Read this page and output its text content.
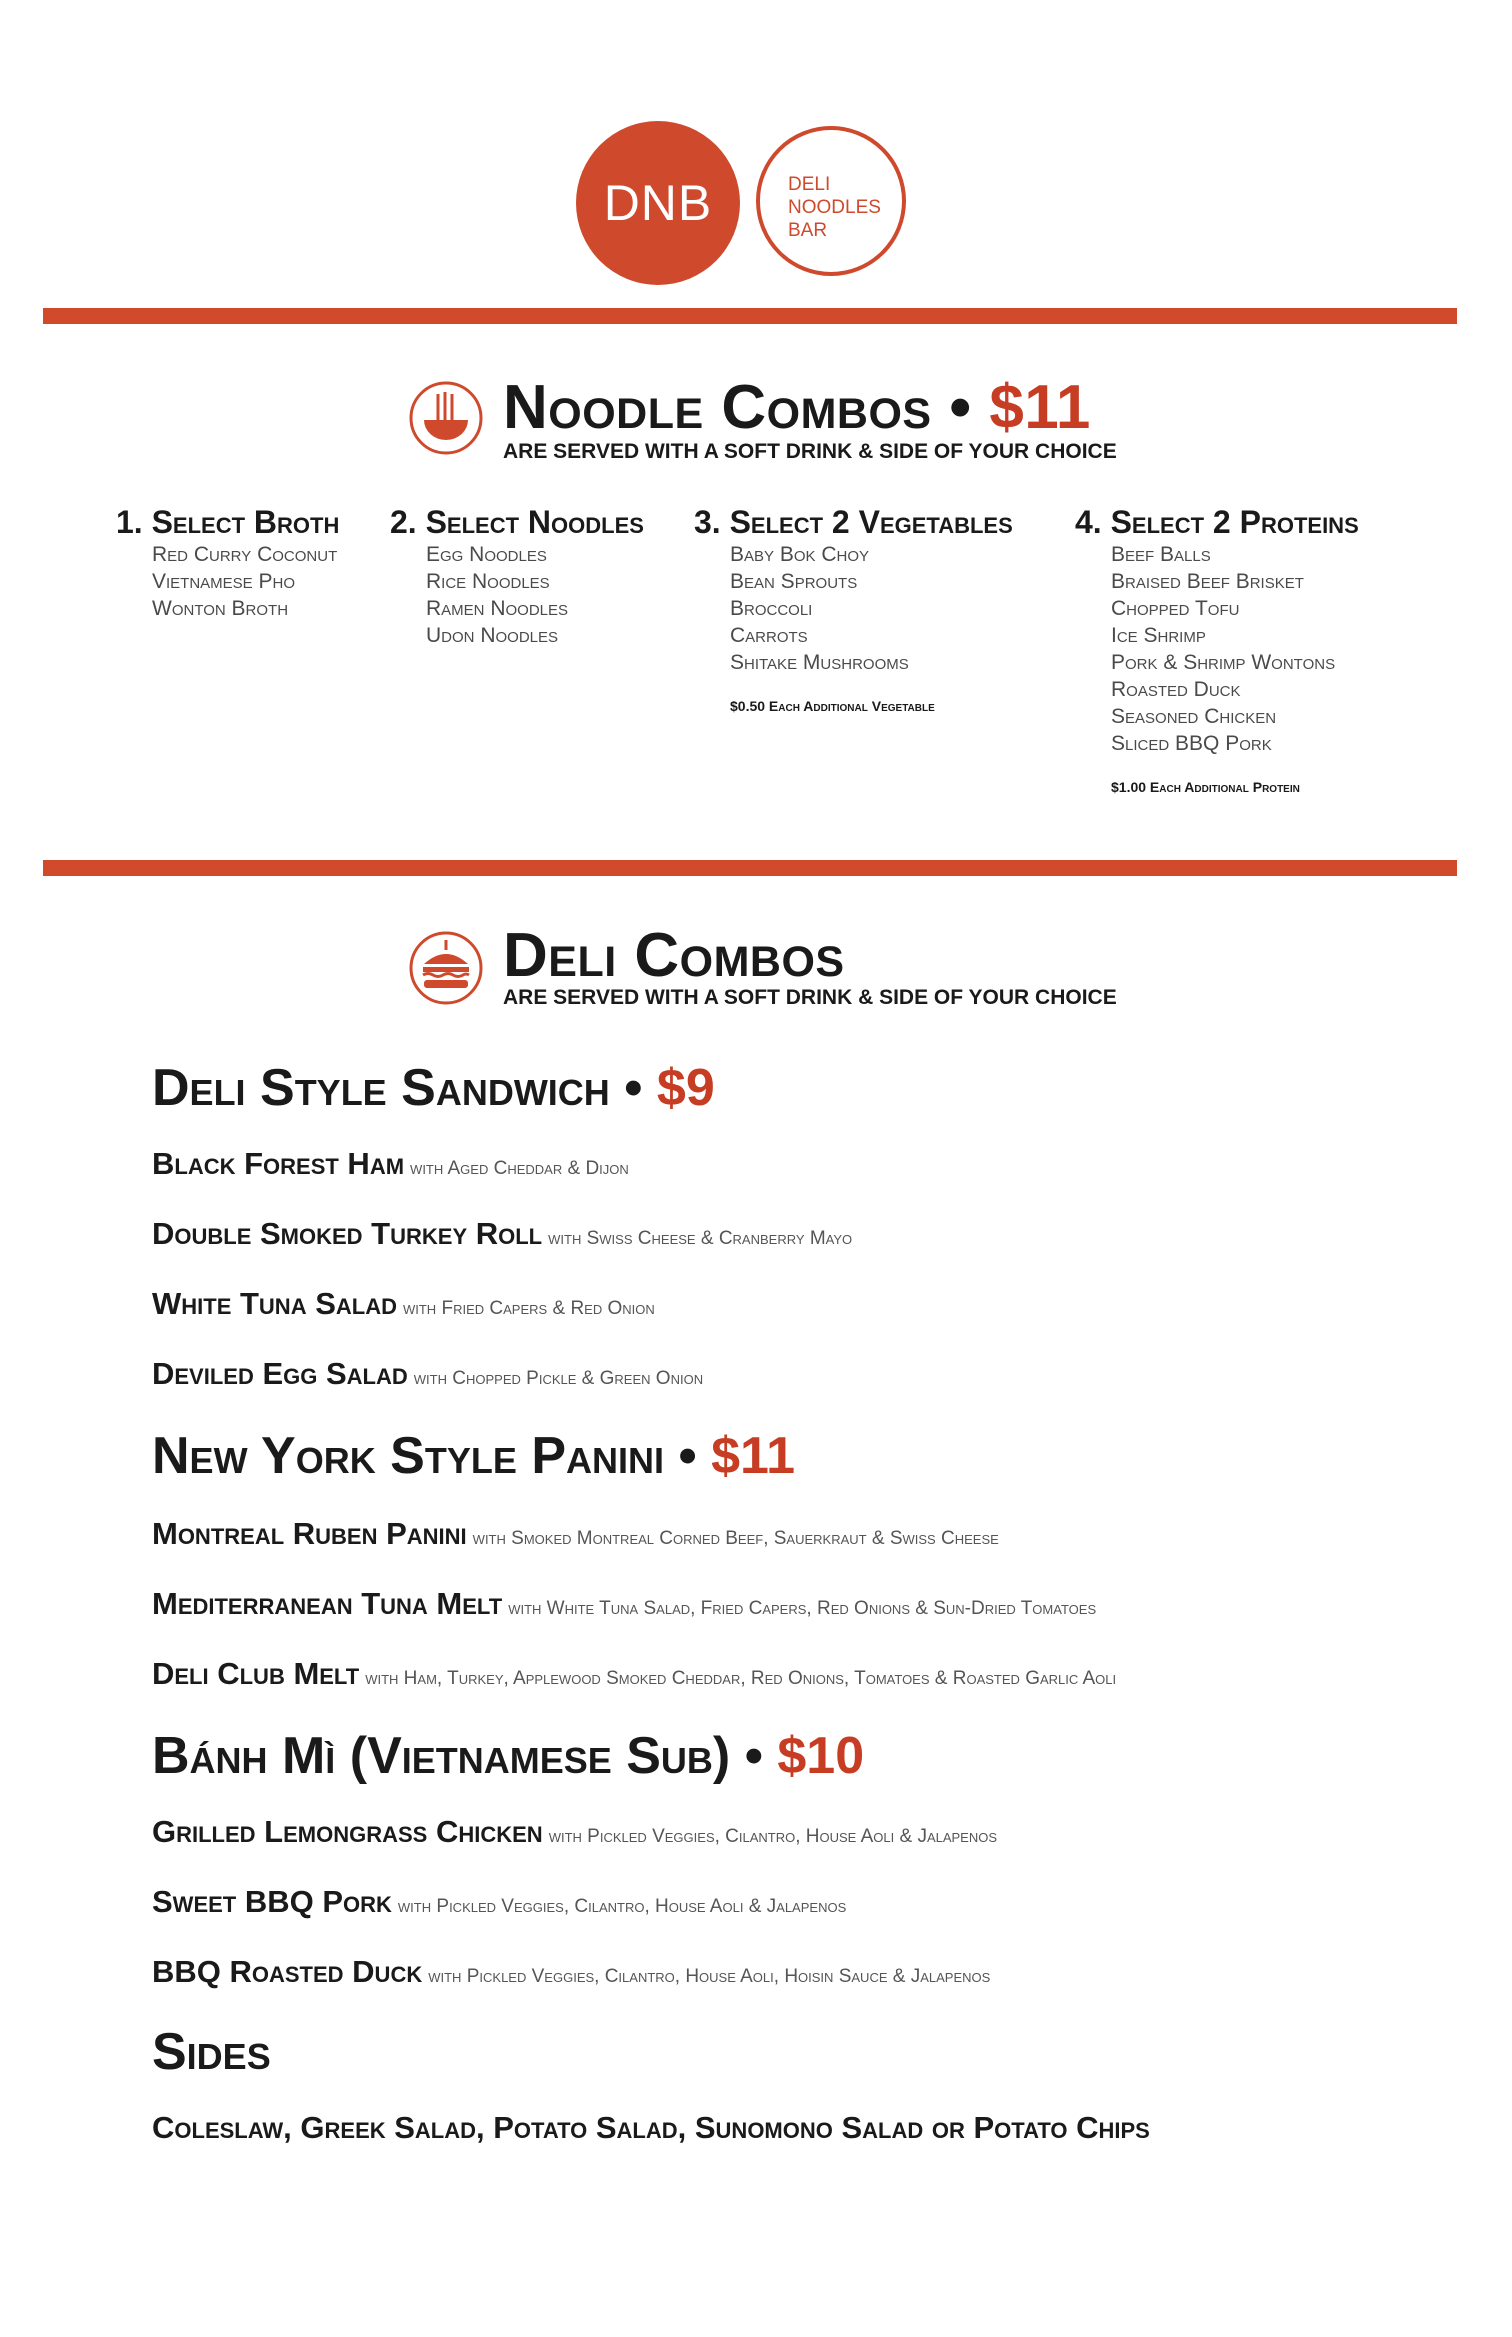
DNB	DELI
NOODLES
BAR
Noodle Combos • $11
ARE SERVED WITH A SOFT DRINK & SIDE OF YOUR CHOICE
1. Select Broth
Red Curry Coconut
Vietnamese Pho
Wonton Broth
2. Select Noodles
Egg Noodles
Rice Noodles
Ramen Noodles
Udon Noodles
3. Select 2 Vegetables
Baby Bok Choy
Bean Sprouts
Broccoli
Carrots
Shitake Mushrooms
$0.50 Each Additional Vegetable
4. Select 2 Proteins
Beef Balls
Braised Beef Brisket
Chopped Tofu
Ice Shrimp
Pork & Shrimp Wontons
Roasted Duck
Seasoned Chicken
Sliced BBQ Pork
$1.00 Each Additional Protein
Deli Combos
ARE SERVED WITH A SOFT DRINK & SIDE OF YOUR CHOICE
Deli Style Sandwich • $9
Black Forest Ham with Aged Cheddar & Dijon
Double Smoked Turkey Roll with Swiss Cheese & Cranberry Mayo
White Tuna Salad with Fried Capers & Red Onion
Deviled Egg Salad with Chopped Pickle & Green Onion
New York Style Panini • $11
Montreal Ruben Panini with Smoked Montreal Corned Beef, Sauerkraut & Swiss Cheese
Mediterranean Tuna Melt with White Tuna Salad, Fried Capers, Red Onions & Sun-Dried Tomatoes
Deli Club Melt with Ham, Turkey, Applewood Smoked Cheddar, Red Onions, Tomatoes & Roasted Garlic Aoli
Bánh Mì (Vietnamese Sub) • $10
Grilled Lemongrass Chicken with Pickled Veggies, Cilantro, House Aoli & Jalapenos
Sweet BBQ Pork with Pickled Veggies, Cilantro, House Aoli & Jalapenos
BBQ Roasted Duck with Pickled Veggies, Cilantro, House Aoli, Hoisin Sauce & Jalapenos
Sides
Coleslaw, Greek Salad, Potato Salad, Sunomono Salad or Potato Chips
